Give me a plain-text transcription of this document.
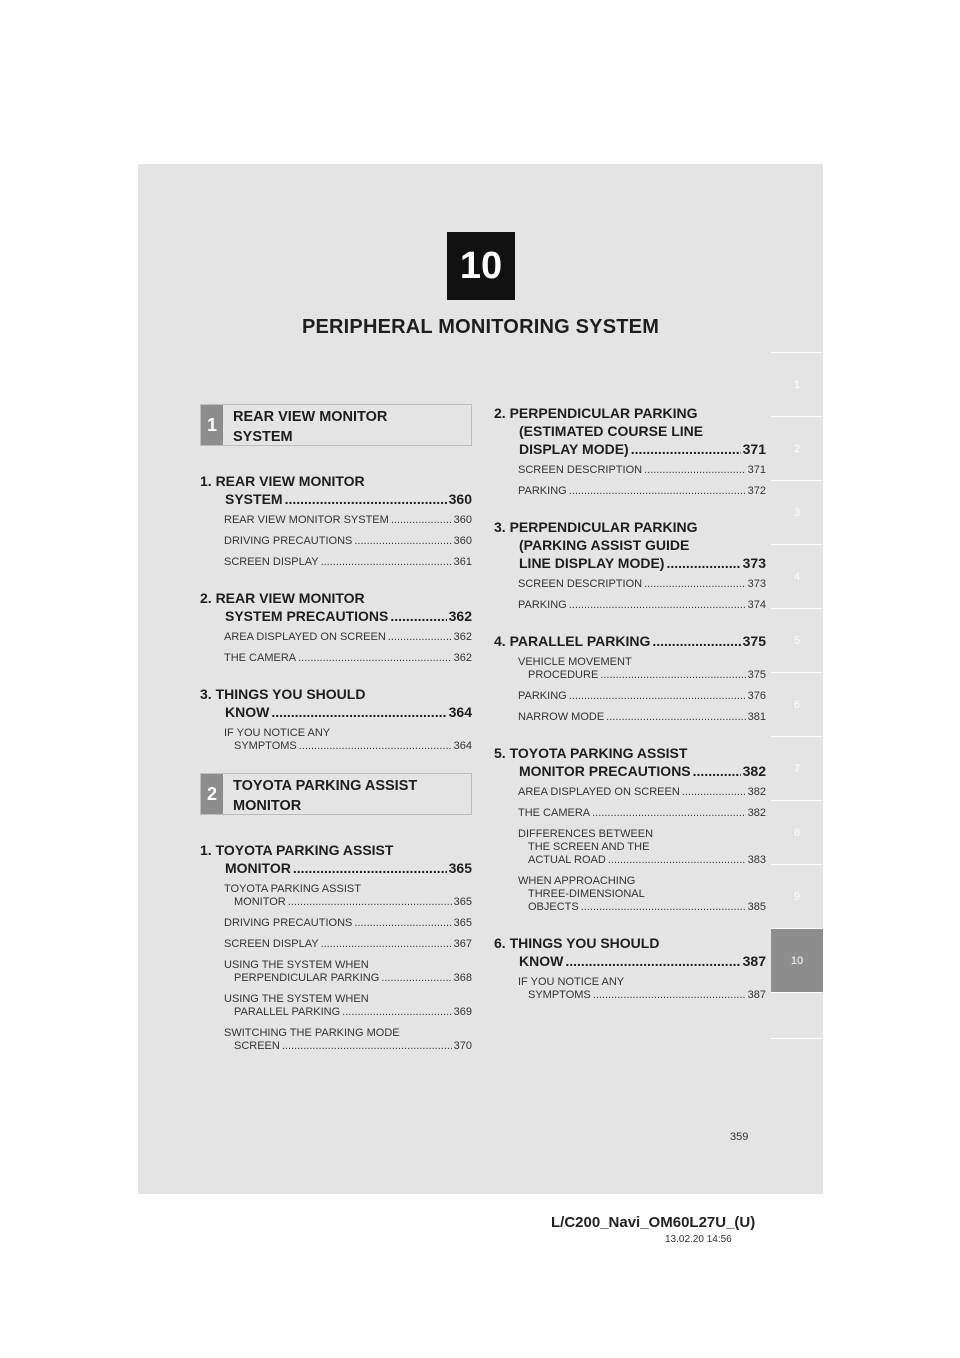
10
PERIPHERAL MONITORING SYSTEM
1
2
3
4
5
6
7
8
9
10
1	REAR VIEW MONITOR
SYSTEM
1. REAR VIEW MONITOR
SYSTEM .....	360
REAR VIEW MONITOR SYSTEM .....	360
DRIVING PRECAUTIONS .....	360
SCREEN DISPLAY .....	361
2. REAR VIEW MONITOR
SYSTEM PRECAUTIONS .....	362
AREA DISPLAYED ON SCREEN .....	362
THE CAMERA .....	362
3. THINGS YOU SHOULD
KNOW .....	364
IF YOU NOTICE ANY
SYMPTOMS .....	364
2	TOYOTA PARKING ASSIST
MONITOR
1. TOYOTA PARKING ASSIST
MONITOR .....	365
TOYOTA PARKING ASSIST
MONITOR .....	365
DRIVING PRECAUTIONS .....	365
SCREEN DISPLAY .....	367
USING THE SYSTEM WHEN
PERPENDICULAR PARKING .....	368
USING THE SYSTEM WHEN
PARALLEL PARKING .....	369
SWITCHING THE PARKING MODE
SCREEN .....	370
2. PERPENDICULAR PARKING
(ESTIMATED COURSE LINE
DISPLAY MODE) .....	371
SCREEN DESCRIPTION .....	371
PARKING .....	372
3. PERPENDICULAR PARKING
(PARKING ASSIST GUIDE
LINE DISPLAY MODE) .....	373
SCREEN DESCRIPTION .....	373
PARKING .....	374
4. PARALLEL PARKING .....	375
VEHICLE MOVEMENT
PROCEDURE .....	375
PARKING .....	376
NARROW MODE .....	381
5. TOYOTA PARKING ASSIST
MONITOR PRECAUTIONS .....	382
AREA DISPLAYED ON SCREEN .....	382
THE CAMERA .....	382
DIFFERENCES BETWEEN
THE SCREEN AND THE
ACTUAL ROAD .....	383
WHEN APPROACHING
THREE-DIMENSIONAL
OBJECTS .....	385
6. THINGS YOU SHOULD
KNOW .....	387
IF YOU NOTICE ANY
SYMPTOMS .....	387
359
L/C200_Navi_OM60L27U_(U)
13.02.20 14:56
